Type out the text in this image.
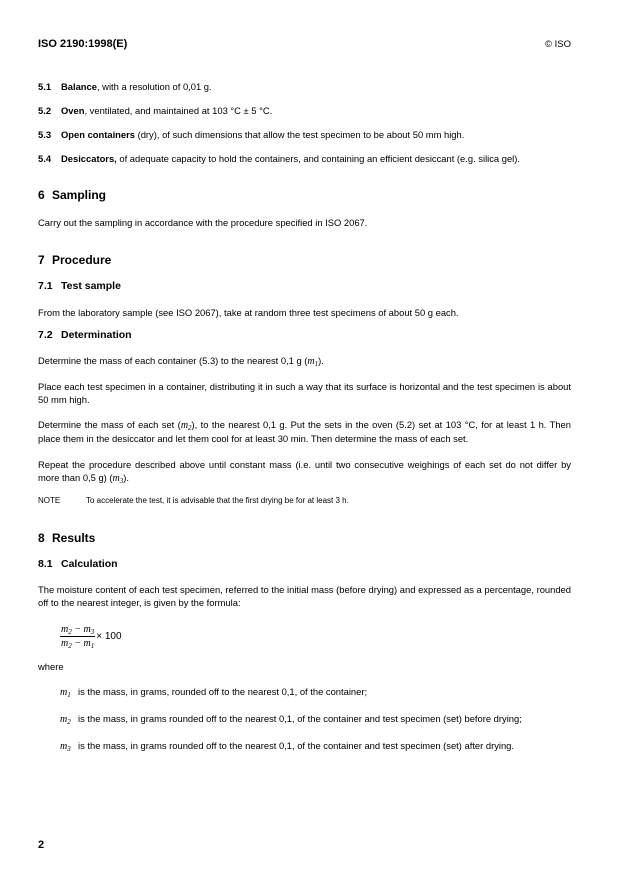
ISO 2190:1998(E)	© ISO
5.1 Balance, with a resolution of 0,01 g.
5.2 Oven, ventilated, and maintained at 103 °C ± 5 °C.
5.3 Open containers (dry), of such dimensions that allow the test specimen to be about 50 mm high.
5.4 Desiccators, of adequate capacity to hold the containers, and containing an efficient desiccant (e.g. silica gel).
6 Sampling
Carry out the sampling in accordance with the procedure specified in ISO 2067.
7 Procedure
7.1 Test sample
From the laboratory sample (see ISO 2067), take at random three test specimens of about 50 g each.
7.2 Determination
Determine the mass of each container (5.3) to the nearest 0,1 g $(m_1)$.
Place each test specimen in a container, distributing it in such a way that its surface is horizontal and the test specimen is about 50 mm high.
Determine the mass of each set $(m_2)$, to the nearest 0,1 g. Put the sets in the oven (5.2) set at 103 °C, for at least 1 h. Then place them in the desiccator and let them cool for at least 30 min. Then determine the mass of each set.
Repeat the procedure described above until constant mass (i.e. until two consecutive weighings of each set do not differ by more than 0,5 g) $(m_3)$.
NOTE	To accelerate the test, it is advisable that the first drying be for at least 3 h.
8 Results
8.1 Calculation
The moisture content of each test specimen, referred to the initial mass (before drying) and expressed as a percentage, rounded off to the nearest integer, is given by the formula:
$\frac{m_2 - m_3}{m_2 - m_1} \times 100$
where
$m_1$ is the mass, in grams, rounded off to the nearest 0,1, of the container;
$m_2$ is the mass, in grams rounded off to the nearest 0,1, of the container and test specimen (set) before drying;
$m_3$ is the mass, in grams rounded off to the nearest 0,1, of the container and test specimen (set) after drying.
2
